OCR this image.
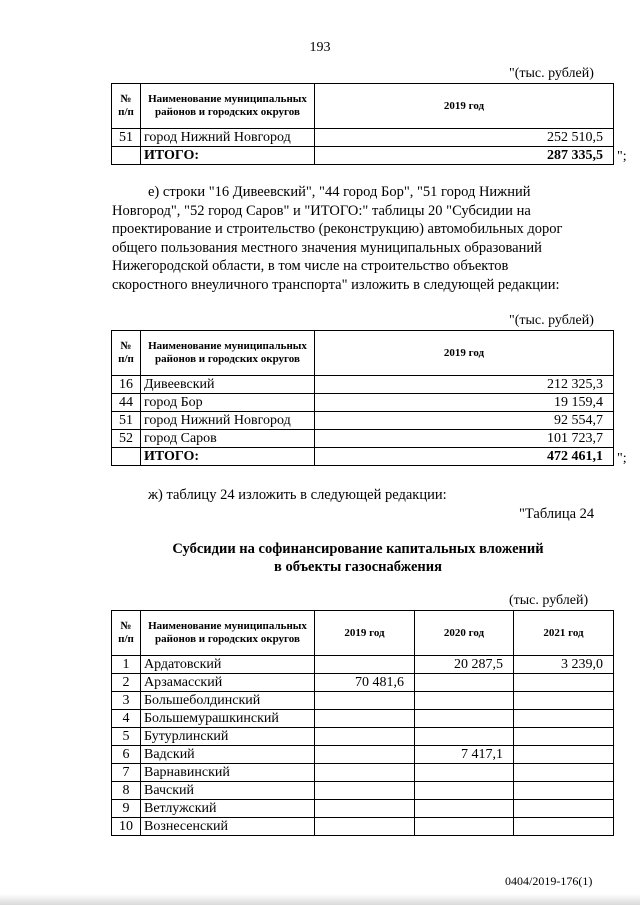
193
"(тыс. рублей)
№ п/п	Наименование муниципальных районов и городских округов	2019 год
51	город Нижний Новгород	252 510,5
	ИТОГО:	287 335,5 ";
е) строки "16 Дивеевский", "44 город Бор", "51 город Нижний
Новгород", "52 город Саров" и "ИТОГО:" таблицы 20 "Субсидии на
проектирование и строительство (реконструкцию) автомобильных дорог
общего пользования местного значения муниципальных образований
Нижегородской области, в том числе на строительство объектов
скоростного внеуличного транспорта" изложить в следующей редакции:
"(тыс. рублей)
№ п/п	Наименование муниципальных районов и городских округов	2019 год
16	Дивеевский	212 325,3
44	город Бор	19 159,4
51	город Нижний Новгород	92 554,7
52	город Саров	101 723,7
	ИТОГО:	472 461,1 ";
ж) таблицу 24 изложить в следующей редакции:
"Таблица 24
Субсидии на софинансирование капитальных вложений
в объекты газоснабжения
(тыс. рублей)
№ п/п	Наименование муниципальных районов и городских округов	2019 год	2020 год	2021 год
1	Ардатовский		20 287,5	3 239,0
2	Арзамасский	70 481,6		
3	Большеболдинский			
4	Большемурашкинский			
5	Бутурлинский			
6	Вадский		7 417,1	
7	Варнавинский			
8	Вачский			
9	Ветлужский			
10	Вознесенский			
0404/2019-176(1)
